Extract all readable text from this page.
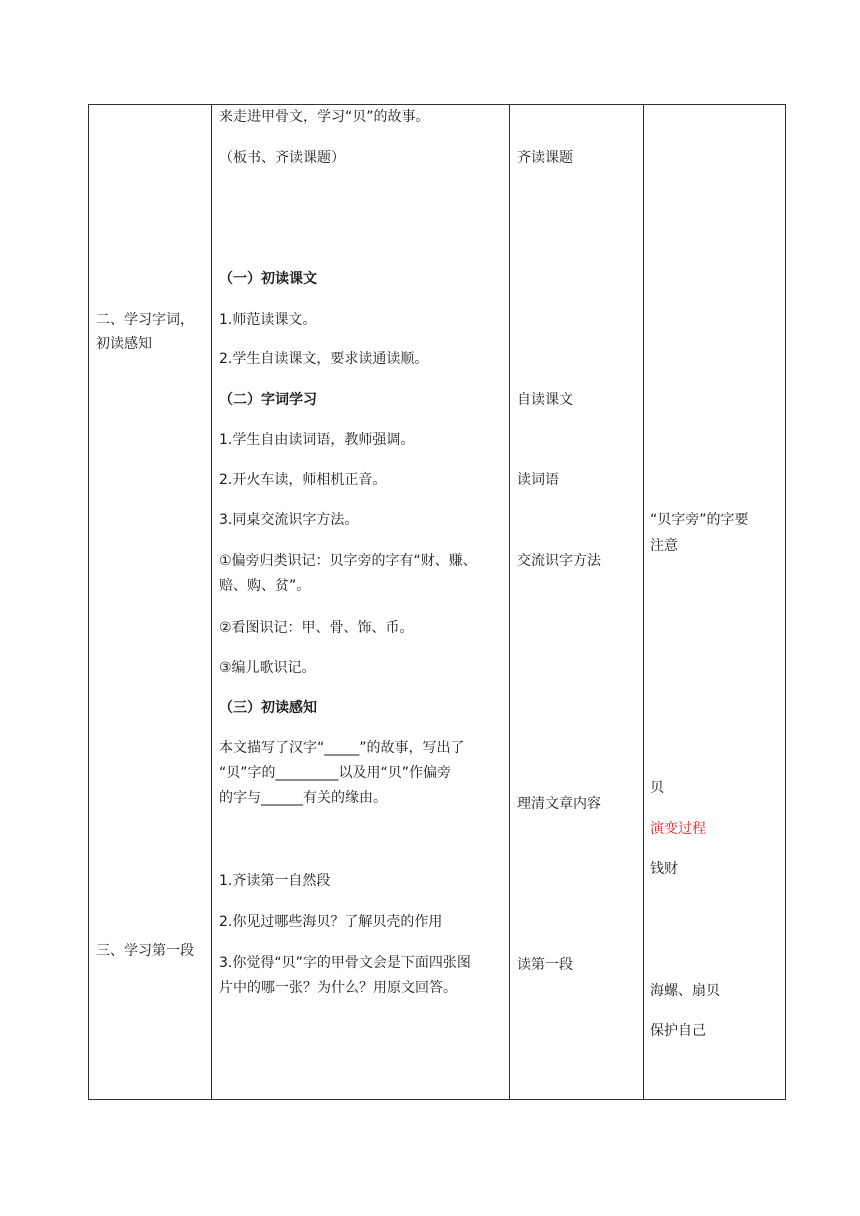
二、学习字词，
初读感知
三、学习第一段
来走进甲骨文，学习“贝”的故事。
（板书、齐读课题）
（一）初读课文
1.师范读课文。
2.学生自读课文，要求读通读顺。
（二）字词学习
1.学生自由读词语，教师强调。
2.开火车读，师相机正音。
3.同桌交流识字方法。
①偏旁归类识记：贝字旁的字有“财、赚、
赔、购、贫”。
②看图识记：甲、骨、饰、币。
③编儿歌识记。
（三）初读感知
本文描写了汉字“_____”的故事，写出了
“贝”字的_________以及用“贝”作偏旁
的字与______有关的缘由。
1.齐读第一自然段
2.你见过哪些海贝？了解贝壳的作用
3.你觉得“贝”字的甲骨文会是下面四张图
片中的哪一张？为什么？用原文回答。
齐读课题
自读课文
读词语
交流识字方法
理清文章内容
读第一段
“贝字旁”的字要
注意
贝
演变过程
钱财
海螺、扇贝
保护自己
